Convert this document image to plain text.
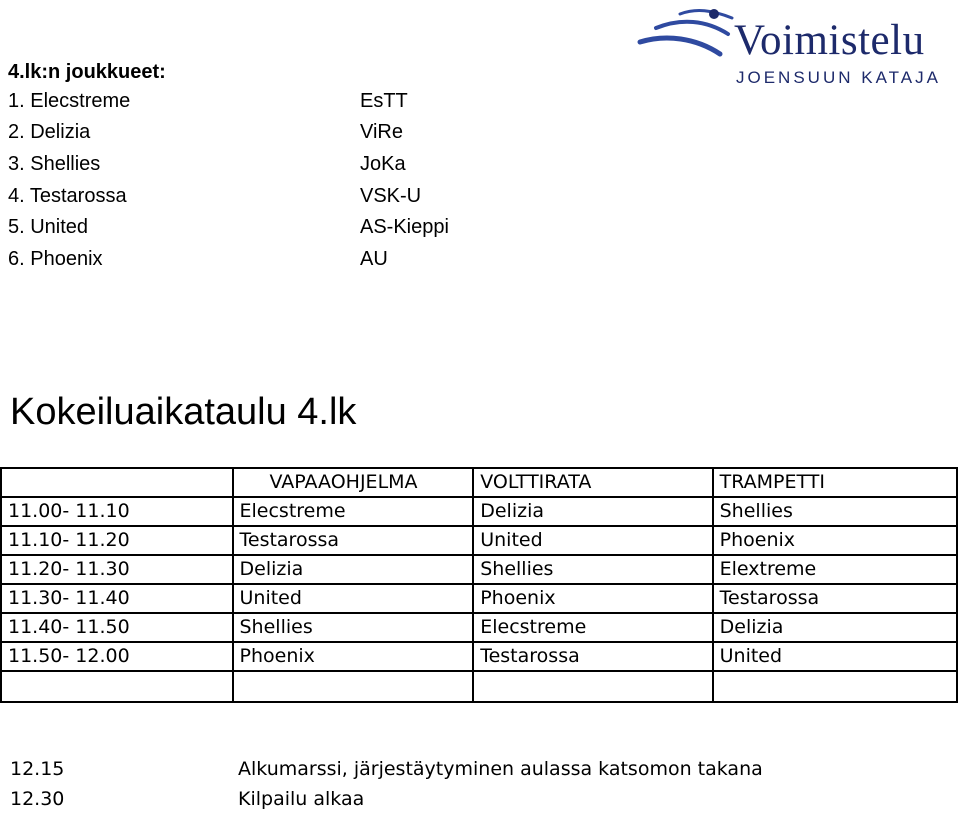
4.lk:n joukkueet:
1. Elecstreme	EsTT
2. Delizia	ViRe
3. Shellies	JoKa
4. Testarossa	VSK-U
5. United	AS-Kieppi
6. Phoenix	AU
Voimistelu
JOENSUUN KATAJA
Kokeiluaikataulu 4.lk
	VAPAAOHJELMA	VOLTTIRATA	TRAMPETTI
11.00- 11.10	Elecstreme	Delizia	Shellies
11.10- 11.20	Testarossa	United	Phoenix
11.20- 11.30	Delizia	Shellies	Elextreme
11.30- 11.40	United	Phoenix	Testarossa
11.40- 11.50	Shellies	Elecstreme	Delizia
11.50- 12.00	Phoenix	Testarossa	United

12.15	Alkumarssi, järjestäytyminen aulassa katsomon takana
12.30	Kilpailu alkaa
